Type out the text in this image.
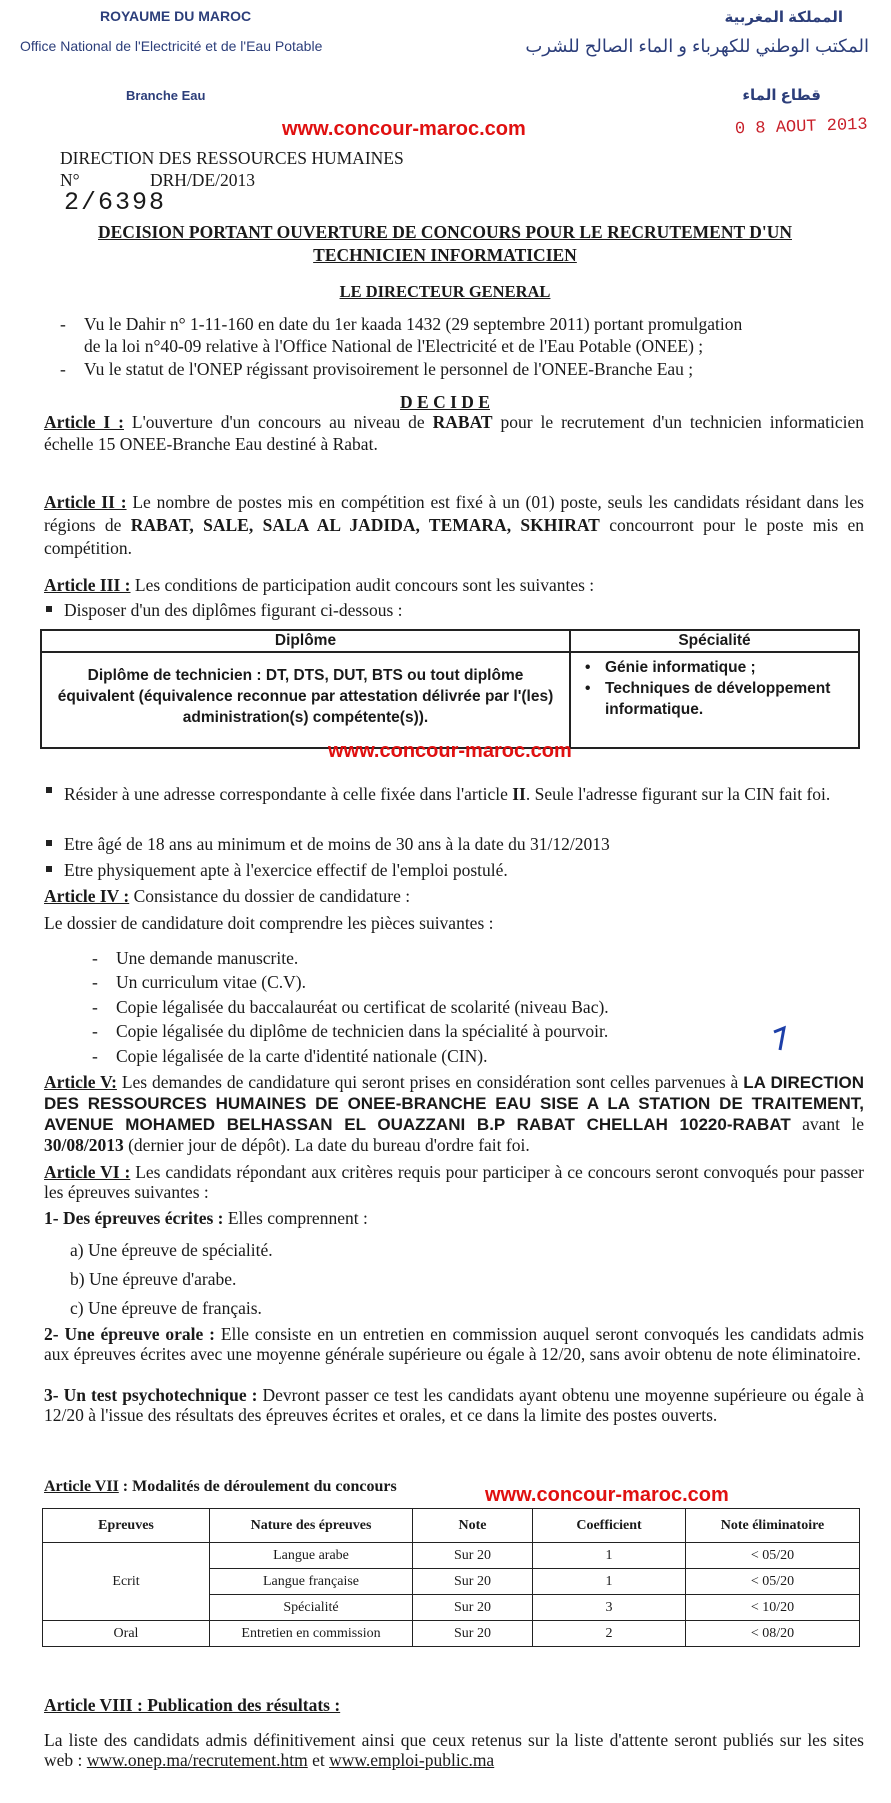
ROYAUME DU MAROC
Office National de l'Electricité et de l'Eau Potable
المملكة المغربية
المكتب الوطني للكهرباء و الماء الصالح للشرب
Branche Eau	قطاع الماء
www.concour-maroc.com	0 8 AOUT 2013
DIRECTION DES RESSOURCES HUMAINES
N°	DRH/DE/2013
2/6398
DECISION PORTANT OUVERTURE DE CONCOURS POUR LE RECRUTEMENT D'UN
TECHNICIEN INFORMATICIEN
LE DIRECTEUR GENERAL
- Vu le Dahir n° 1-11-160 en date du 1er kaada 1432 (29 septembre 2011) portant promulgation
de la loi n°40-09 relative à l'Office National de l'Electricité et de l'Eau Potable (ONEE) ;
- Vu le statut de l'ONEP régissant provisoirement le personnel de l'ONEE-Branche Eau ;
D E C I D E
Article I : L'ouverture d'un concours au niveau de RABAT pour le recrutement d'un technicien informaticien échelle 15 ONEE-Branche Eau destiné à Rabat.
Article II : Le nombre de postes mis en compétition est fixé à un (01) poste, seuls les candidats résidant dans les régions de RABAT, SALE, SALA AL JADIDA, TEMARA, SKHIRAT concourront pour le poste mis en compétition.
Article III : Les conditions de participation audit concours sont les suivantes :
Disposer d'un des diplômes figurant ci-dessous :
Diplôme	Spécialité
Diplôme de technicien : DT, DTS, DUT, BTS ou tout diplôme équivalent (équivalence reconnue par attestation délivrée par l'(les) administration(s) compétente(s)).	• Génie informatique ;
• Techniques de développement informatique.
www.concour-maroc.com
Résider à une adresse correspondante à celle fixée dans l'article II. Seule l'adresse figurant sur la CIN fait foi.
Etre âgé de 18 ans au minimum et de moins de 30 ans à la date du 31/12/2013
Etre physiquement apte à l'exercice effectif de l'emploi postulé.
Article IV : Consistance du dossier de candidature :
Le dossier de candidature doit comprendre les pièces suivantes :
- Une demande manuscrite.
- Un curriculum vitae (C.V).
- Copie légalisée du baccalauréat ou certificat de scolarité (niveau Bac).
- Copie légalisée du diplôme de technicien dans la spécialité à pourvoir.
- Copie légalisée de la carte d'identité nationale (CIN).
Article V: Les demandes de candidature qui seront prises en considération sont celles parvenues à LA DIRECTION DES RESSOURCES HUMAINES DE ONEE-BRANCHE EAU SISE A LA STATION DE TRAITEMENT, AVENUE MOHAMED BELHASSAN EL OUAZZANI B.P RABAT CHELLAH 10220-RABAT avant le 30/08/2013 (dernier jour de dépôt). La date du bureau d'ordre fait foi.
Article VI : Les candidats répondant aux critères requis pour participer à ce concours seront convoqués pour passer les épreuves suivantes :
1- Des épreuves écrites : Elles comprennent :
a) Une épreuve de spécialité.
b) Une épreuve d'arabe.
c) Une épreuve de français.
2- Une épreuve orale : Elle consiste en un entretien en commission auquel seront convoqués les candidats admis aux épreuves écrites avec une moyenne générale supérieure ou égale à 12/20, sans avoir obtenu de note éliminatoire.
3- Un test psychotechnique : Devront passer ce test les candidats ayant obtenu une moyenne supérieure ou égale à 12/20 à l'issue des résultats des épreuves écrites et orales, et ce dans la limite des postes ouverts.
Article VII : Modalités de déroulement du concours	www.concour-maroc.com
Epreuves	Nature des épreuves	Note	Coefficient	Note éliminatoire
Ecrit	Langue arabe	Sur 20	1	< 05/20
	Langue française	Sur 20	1	< 05/20
	Spécialité	Sur 20	3	< 10/20
Oral	Entretien en commission	Sur 20	2	< 08/20
Article VIII : Publication des résultats :
La liste des candidats admis définitivement ainsi que ceux retenus sur la liste d'attente seront publiés sur les sites web : www.onep.ma/recrutement.htm et www.emploi-public.ma
